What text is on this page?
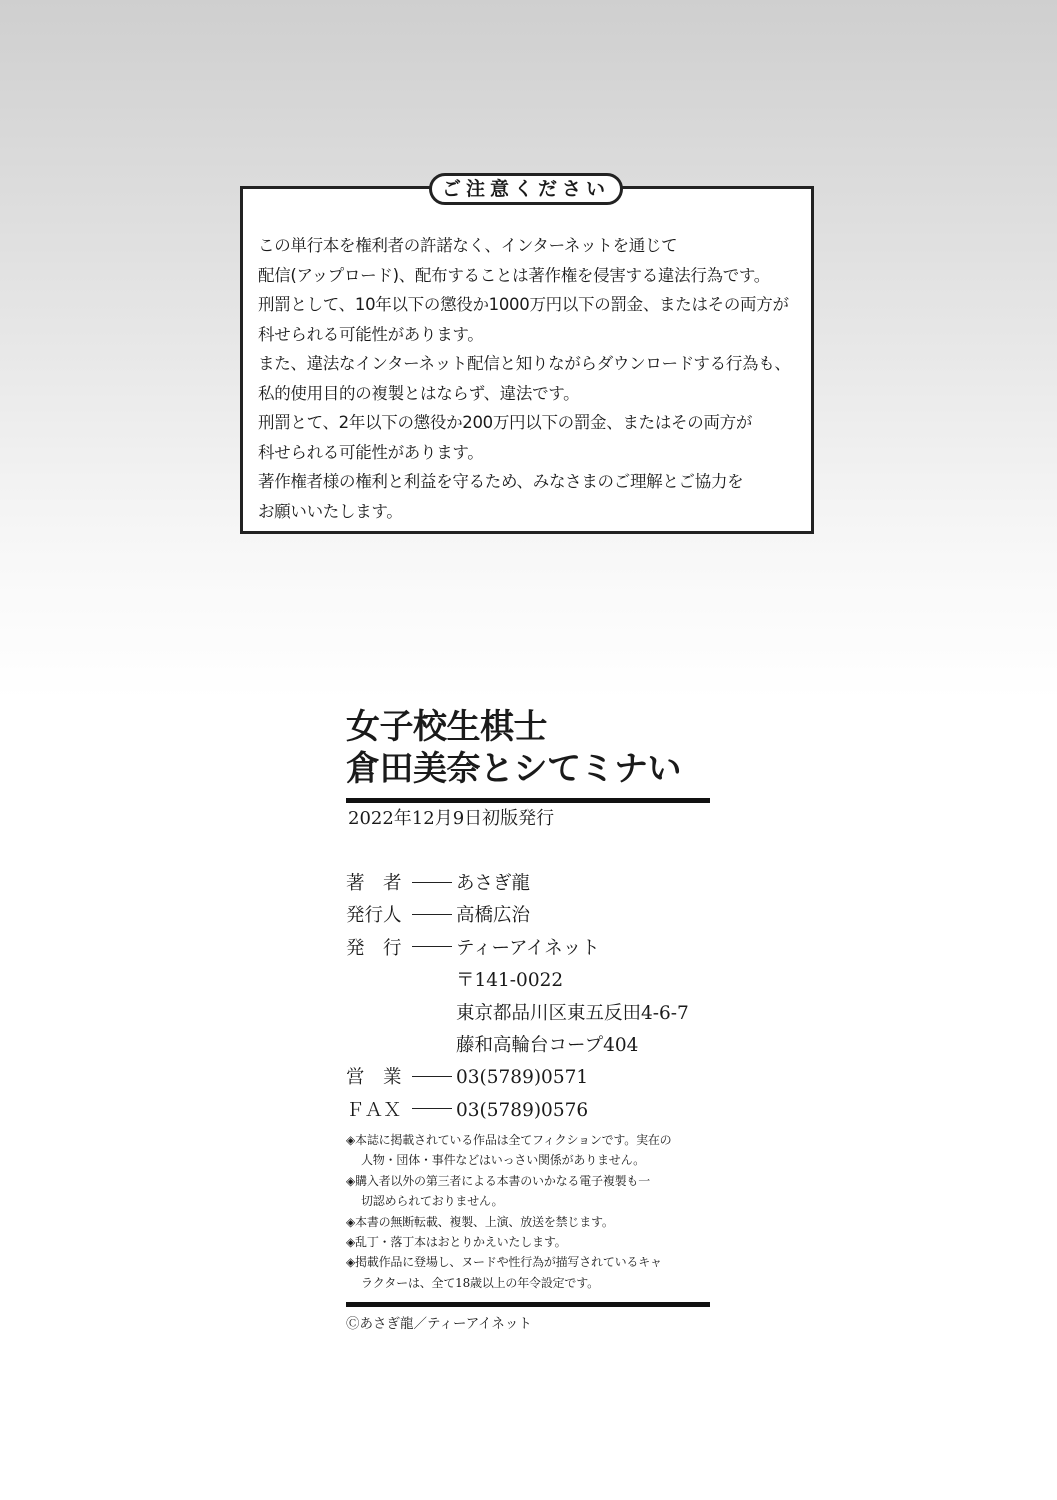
ご注意ください
この単行本を権利者の許諾なく、インターネットを通じて
配信(アップロード)、配布することは著作権を侵害する違法行為です。
刑罰として、10年以下の懲役か1000万円以下の罰金、またはその両方が
科せられる可能性があります。
また、違法なインターネット配信と知りながらダウンロードする行為も、
私的使用目的の複製とはならず、違法です。
刑罰とて、2年以下の懲役か200万円以下の罰金、またはその両方が
科せられる可能性があります。
著作権者様の権利と利益を守るため、みなさまのご理解とご協力を
お願いいたします。
女子校生棋士
倉田美奈とシてミナい
2022年12月9日初版発行
著　者	あさぎ龍
発行人	高橋広治
発　行	ティーアイネット
〒141-0022
東京都品川区東五反田4-6-7
藤和高輪台コープ404
営　業	03(5789)0571
ＦＡＸ	03(5789)0576
◈本誌に掲載されている作品は全てフィクションです。実在の
人物・団体・事件などはいっさい関係がありません。
◈購入者以外の第三者による本書のいかなる電子複製も一
切認められておりません。
◈本書の無断転載、複製、上演、放送を禁じます。
◈乱丁・落丁本はおとりかえいたします。
◈掲載作品に登場し、ヌードや性行為が描写されているキャ
ラクターは、全て18歳以上の年令設定です。
Ⓒあさぎ龍／ティーアイネット
